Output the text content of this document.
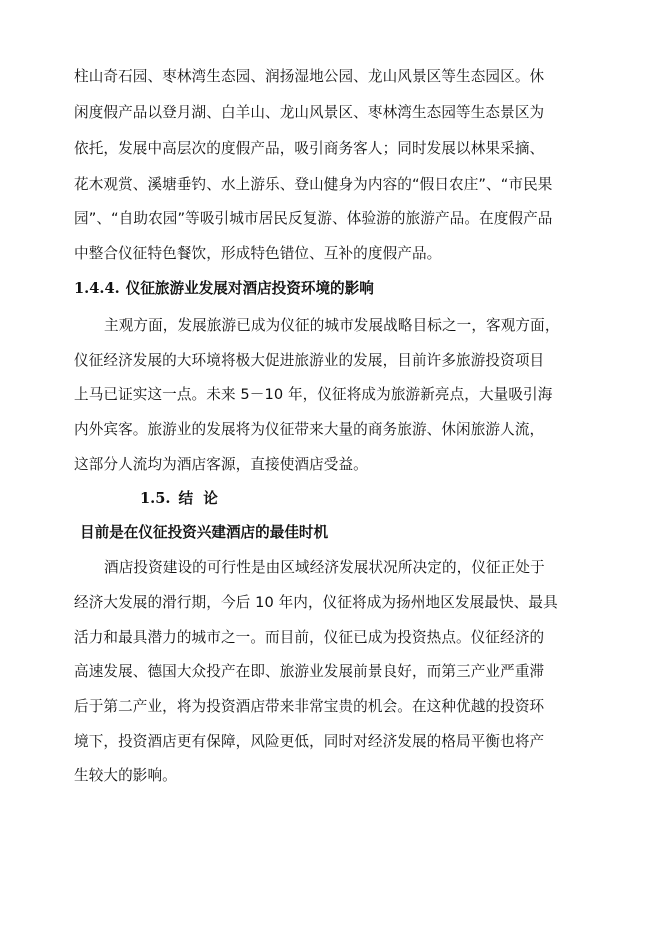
柱山奇石园、枣林湾生态园、润扬湿地公园、龙山风景区等生态园区。休
闲度假产品以登月湖、白羊山、龙山风景区、枣林湾生态园等生态景区为
依托，发展中高层次的度假产品，吸引商务客人；同时发展以林果采摘、
花木观赏、溪塘垂钓、水上游乐、登山健身为内容的“假日农庄”、“市民果
园”、“自助农园”等吸引城市居民反复游、体验游的旅游产品。在度假产品
中整合仪征特色餐饮，形成特色错位、互补的度假产品。
1.4.4. 仪征旅游业发展对酒店投资环境的影响
主观方面，发展旅游已成为仪征的城市发展战略目标之一，客观方面，
仪征经济发展的大环境将极大促进旅游业的发展，目前许多旅游投资项目
上马已证实这一点。未来 5－10 年，仪征将成为旅游新亮点，大量吸引海
内外宾客。旅游业的发展将为仪征带来大量的商务旅游、休闲旅游人流，
这部分人流均为酒店客源，直接使酒店受益。
1.5. 结  论
目前是在仪征投资兴建酒店的最佳时机
酒店投资建设的可行性是由区域经济发展状况所决定的，仪征正处于
经济大发展的滑行期，今后 10 年内，仪征将成为扬州地区发展最快、最具
活力和最具潜力的城市之一。而目前，仪征已成为投资热点。仪征经济的
高速发展、德国大众投产在即、旅游业发展前景良好，而第三产业严重滞
后于第二产业，将为投资酒店带来非常宝贵的机会。在这种优越的投资环
境下，投资酒店更有保障，风险更低，同时对经济发展的格局平衡也将产
生较大的影响。
